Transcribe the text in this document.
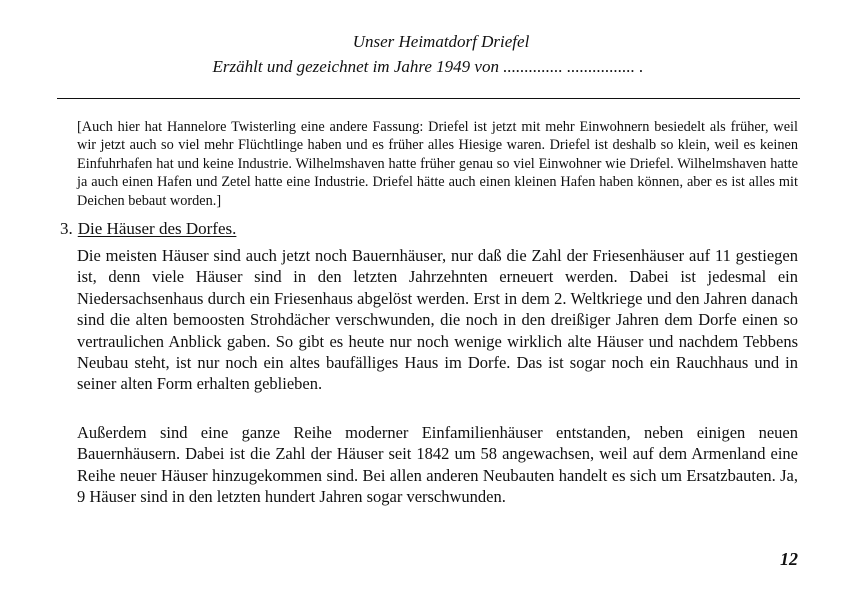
Unser Heimatdorf Driefel
Erzählt und gezeichnet im Jahre 1949 von .............. ................ .
[Auch hier hat Hannelore Twisterling eine andere Fassung: Driefel ist jetzt mit mehr Einwohnern besiedelt als früher, weil wir jetzt auch so viel mehr Flüchtlinge haben und es früher alles Hiesige waren. Driefel ist deshalb so klein, weil es keinen Einfuhrhafen hat und keine Industrie. Wilhelmshaven hatte früher genau so viel Einwohner wie Driefel. Wilhelmshaven hatte ja auch einen Hafen und Zetel hatte eine Industrie. Driefel hätte auch einen kleinen Hafen haben können, aber es ist alles mit Deichen bebaut worden.]
3. Die Häuser des Dorfes.
Die meisten Häuser sind auch jetzt noch Bauernhäuser, nur daß die Zahl der Friesenhäuser auf 11 gestiegen ist, denn viele Häuser sind in den letzten Jahrzehnten erneuert werden. Dabei ist jedesmal ein Niedersachsenhaus durch ein Friesenhaus abgelöst werden. Erst in dem 2. Weltkriege und den Jahren danach sind die alten bemoosten Strohdächer verschwunden, die noch in den dreißiger Jahren dem Dorfe einen so vertraulichen Anblick gaben. So gibt es heute nur noch wenige wirklich alte Häuser und nachdem Tebbens Neubau steht, ist nur noch ein altes baufälliges Haus im Dorfe. Das ist sogar noch ein Rauchhaus und in seiner alten Form erhalten geblieben.
Außerdem sind eine ganze Reihe moderner Einfamilienhäuser entstanden, neben einigen neuen Bauernhäusern. Dabei ist die Zahl der Häuser seit 1842 um 58 angewachsen, weil auf dem Armenland eine Reihe neuer Häuser hinzugekommen sind. Bei allen anderen Neubauten handelt es sich um Ersatzbauten. Ja, 9 Häuser sind in den letzten hundert Jahren sogar verschwunden.
12
